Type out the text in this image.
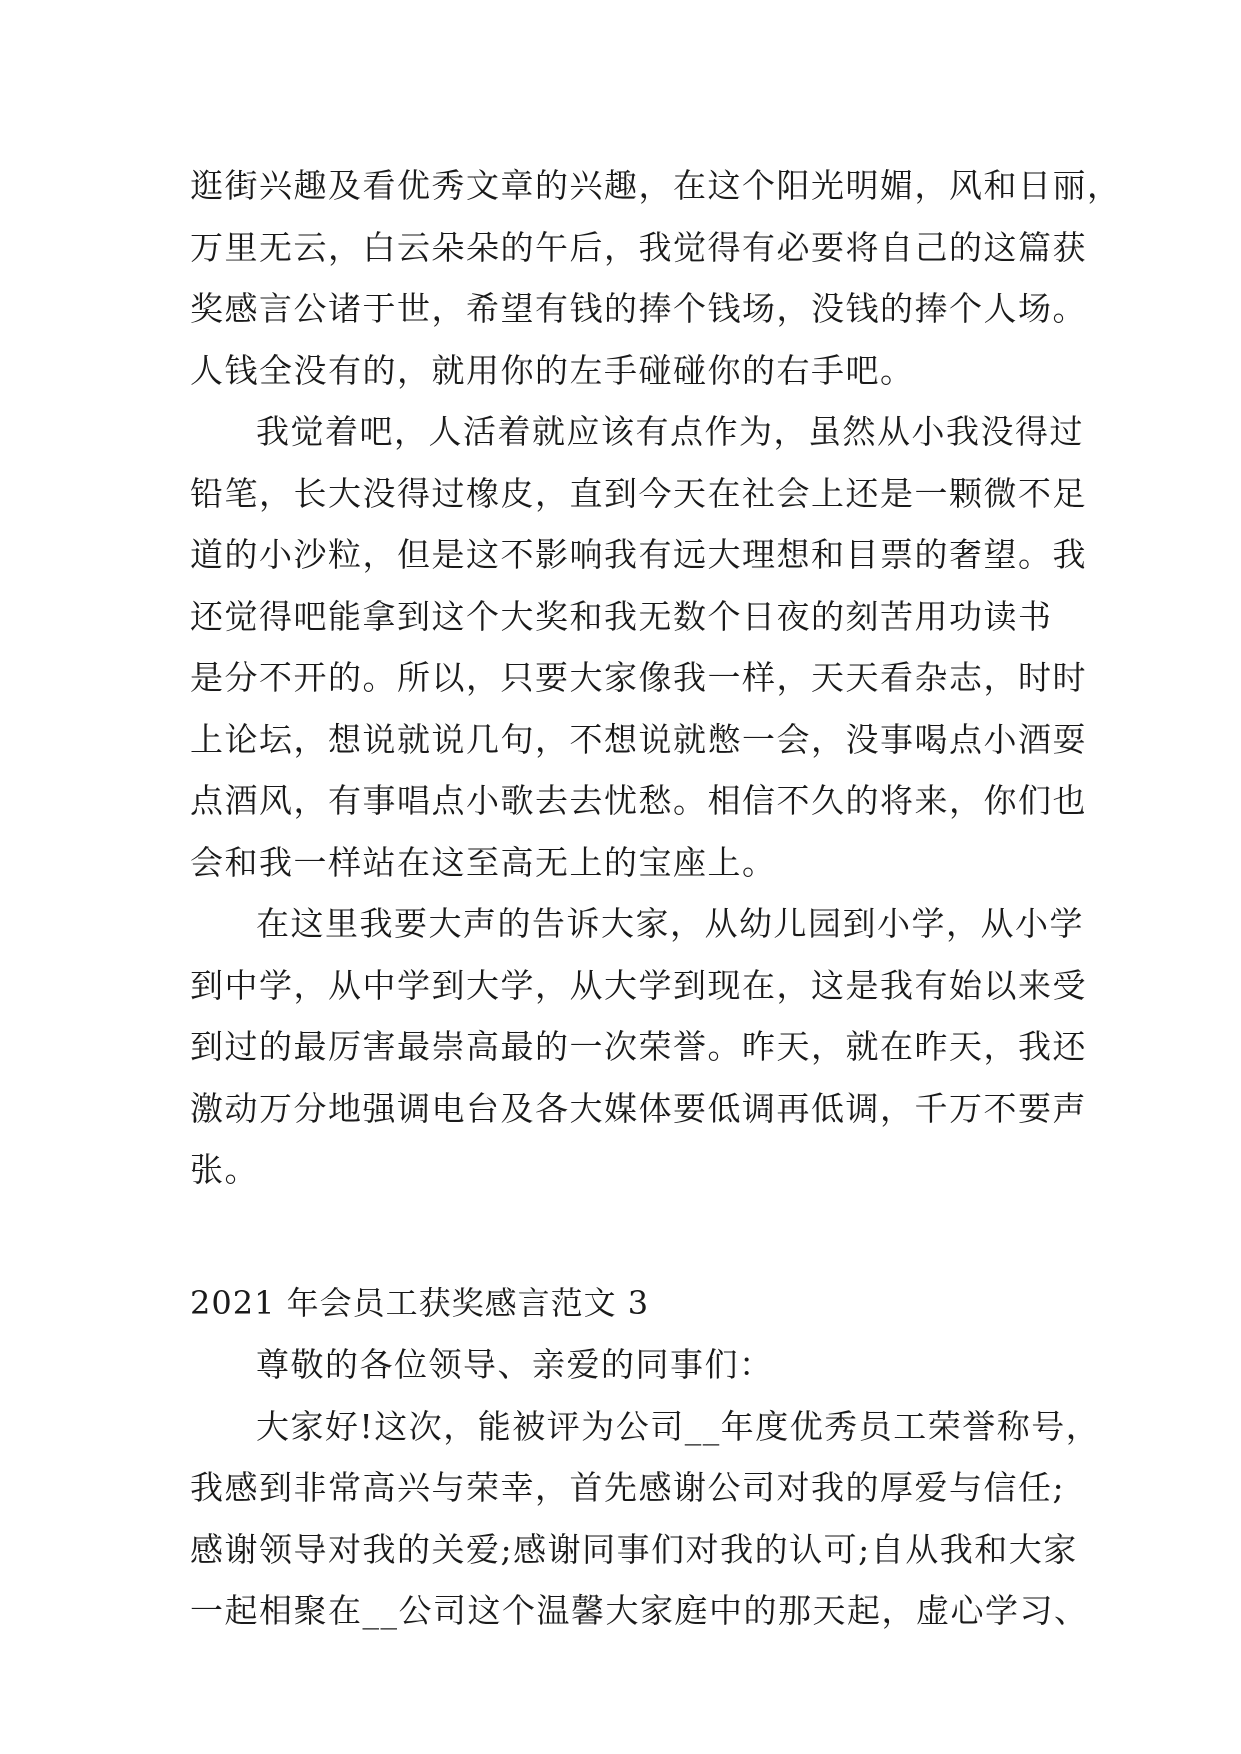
逛街兴趣及看优秀文章的兴趣，在这个阳光明媚，风和日丽，
万里无云，白云朵朵的午后，我觉得有必要将自己的这篇获
奖感言公诸于世，希望有钱的捧个钱场，没钱的捧个人场。
人钱全没有的，就用你的左手碰碰你的右手吧。

我觉着吧，人活着就应该有点作为，虽然从小我没得过
铅笔，长大没得过橡皮，直到今天在社会上还是一颗微不足
道的小沙粒，但是这不影响我有远大理想和目票的奢望。我
还觉得吧能拿到这个大奖和我无数个日夜的刻苦用功读书
是分不开的。所以，只要大家像我一样，天天看杂志，时时
上论坛，想说就说几句，不想说就憋一会，没事喝点小酒耍
点酒风，有事唱点小歌去去忧愁。相信不久的将来，你们也
会和我一样站在这至高无上的宝座上。

在这里我要大声的告诉大家，从幼儿园到小学，从小学
到中学，从中学到大学，从大学到现在，这是我有始以来受
到过的最厉害最崇高最的一次荣誉。昨天，就在昨天，我还
激动万分地强调电台及各大媒体要低调再低调，千万不要声
张。

2021 年会员工获奖感言范文 3

尊敬的各位领导、亲爱的同事们：

大家好!这次，能被评为公司__年度优秀员工荣誉称号，
我感到非常高兴与荣幸，首先感谢公司对我的厚爱与信任;
感谢领导对我的关爱;感谢同事们对我的认可;自从我和大家
一起相聚在__公司这个温馨大家庭中的那天起，虚心学习、
